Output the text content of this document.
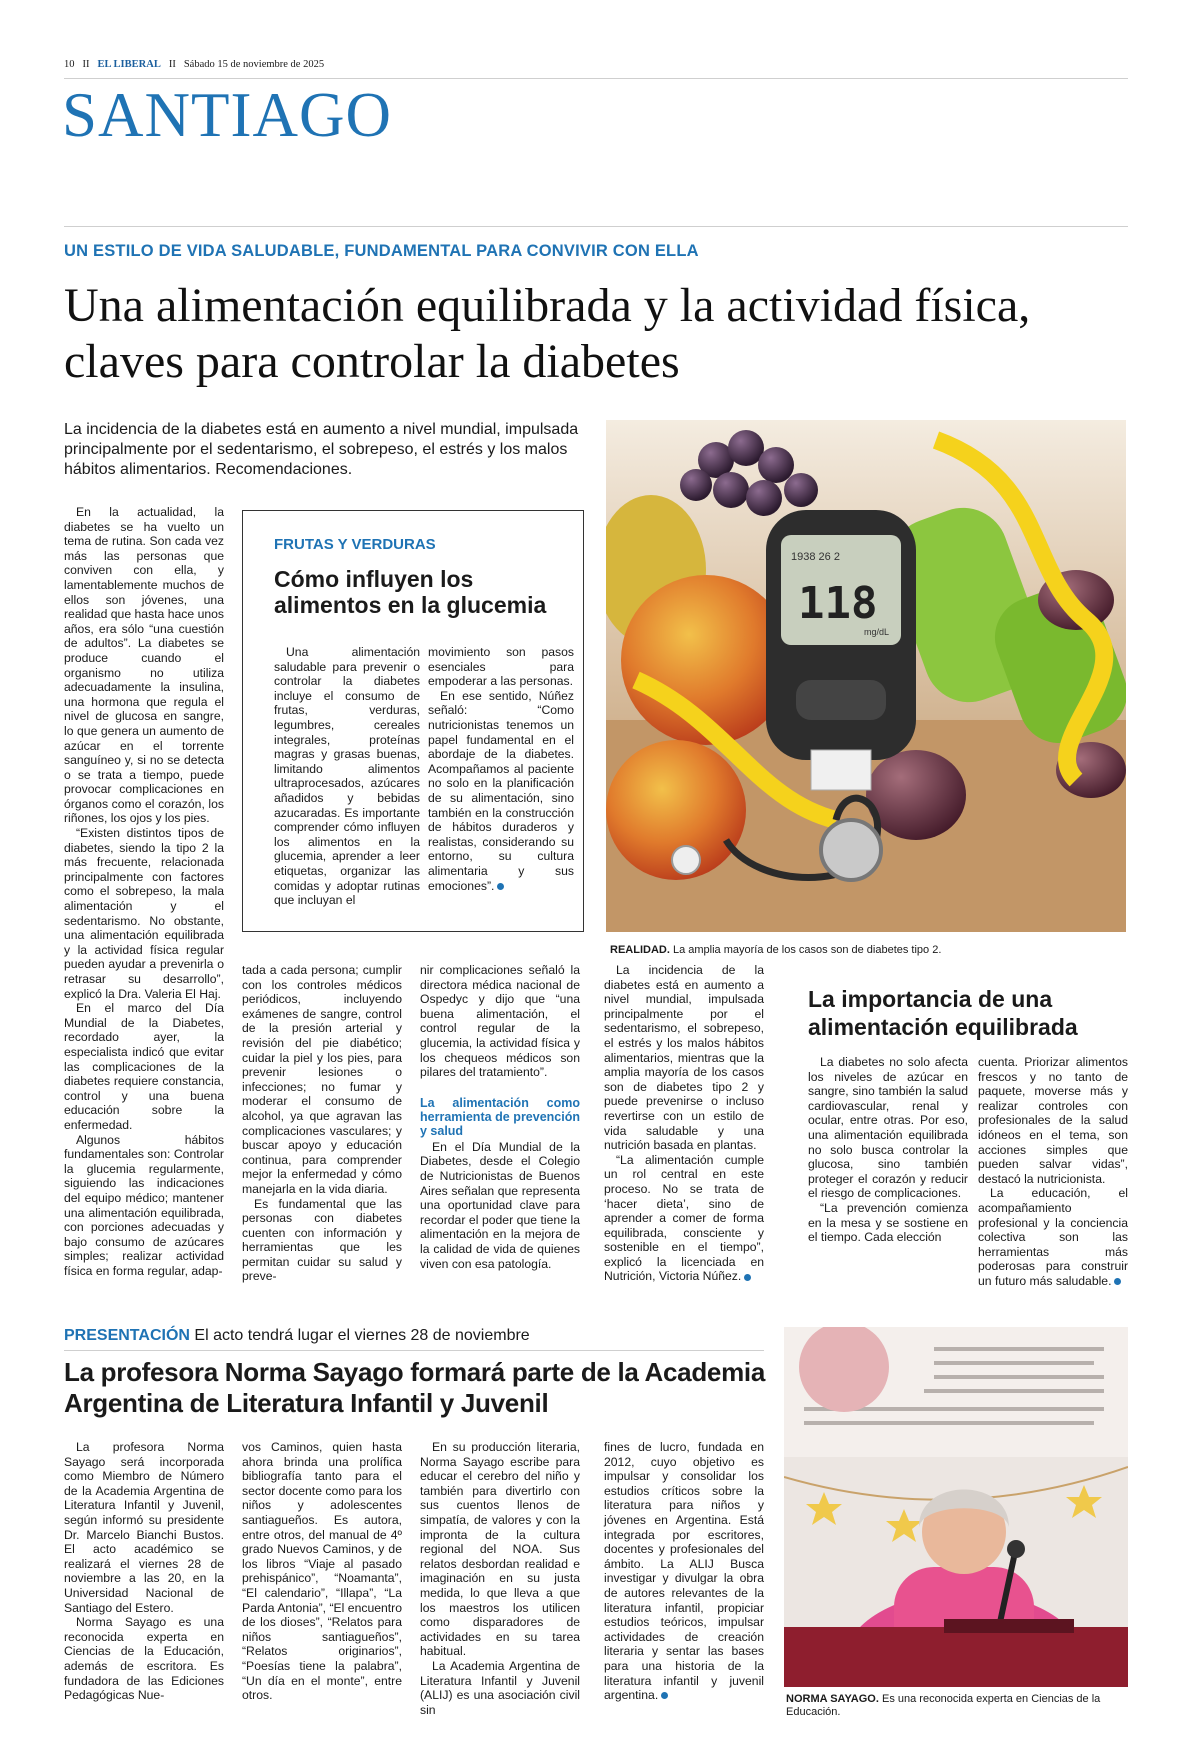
10 II EL LIBERAL II Sábado 15 de noviembre de 2025
SANTIAGO
UN ESTILO DE VIDA SALUDABLE, FUNDAMENTAL PARA CONVIVIR CON ELLA
Una alimentación equilibrada y la actividad física, claves para controlar la diabetes
La incidencia de la diabetes está en aumento a nivel mundial, impulsada principalmente por el sedentarismo, el sobrepeso, el estrés y los malos hábitos alimentarios. Recomendaciones.

En la actualidad, la diabetes se ha vuelto un tema de rutina. Son cada vez más las personas que conviven con ella, y lamentablemente muchos de ellos son jóvenes, una realidad que hasta hace unos años, era sólo “una cuestión de adultos”. La diabetes se produce cuando el organismo no utiliza adecuadamente la insulina, una hormona que regula el nivel de glucosa en sangre, lo que genera un aumento de azúcar en el torrente sanguíneo y, si no se detecta o se trata a tiempo, puede provocar complicaciones en órganos como el corazón, los riñones, los ojos y los pies.

“Existen distintos tipos de diabetes, siendo la tipo 2 la más frecuente, relacionada principalmente con factores como el sobrepeso, la mala alimentación y el sedentarismo. No obstante, una alimentación equilibrada y la actividad física regular pueden ayudar a prevenirla o retrasar su desarrollo”, explicó la Dra. Valeria El Haj.

En el marco del Día Mundial de la Diabetes, recordado ayer, la especialista indicó que evitar las complicaciones de la diabetes requiere constancia, control y una buena educación sobre la enfermedad.

Algunos hábitos fundamentales son: Controlar la glucemia regularmente, siguiendo las indicaciones del equipo médico; mantener una alimentación equilibrada, con porciones adecuadas y bajo consumo de azúcares simples; realizar actividad física en forma regular, adap-

FRUTAS Y VERDURAS
Cómo influyen los alimentos en la glucemia

Una alimentación saludable para prevenir o controlar la diabetes incluye el consumo de frutas, verduras, legumbres, cereales integrales, proteínas magras y grasas buenas, limitando alimentos ultraprocesados, azúcares añadidos y bebidas azucaradas. Es importante comprender cómo influyen los alimentos en la glucemia, aprender a leer etiquetas, organizar las comidas y adoptar rutinas que incluyan el

movimiento son pasos esenciales para empoderar a las personas.

En ese sentido, Núñez señaló: “Como nutricionistas tenemos un papel fundamental en el abordaje de la diabetes. Acompañamos al paciente no solo en la planificación de su alimentación, sino también en la construcción de hábitos duraderos y realistas, considerando su entorno, su cultura alimentaria y sus emociones”.

1938 26 2
118
mg/dL
REALIDAD. La amplia mayoría de los casos son de diabetes tipo 2.

tada a cada persona; cumplir con los controles médicos periódicos, incluyendo exámenes de sangre, control de la presión arterial y revisión del pie diabético; cuidar la piel y los pies, para prevenir lesiones o infecciones; no fumar y moderar el consumo de alcohol, ya que agravan las complicaciones vasculares; y buscar apoyo y educación continua, para comprender mejor la enfermedad y cómo manejarla en la vida diaria.

Es fundamental que las personas con diabetes cuenten con información y herramientas que les permitan cuidar su salud y preve-

nir complicaciones señaló la directora médica nacional de Ospedyc y dijo que “una buena alimentación, el control regular de la glucemia, la actividad física y los chequeos médicos son pilares del tratamiento”.

La alimentación como herramienta de prevención y salud

En el Día Mundial de la Diabetes, desde el Colegio de Nutricionistas de Buenos Aires señalan que representa una oportunidad clave para recordar el poder que tiene la alimentación en la mejora de la calidad de vida de quienes viven con esa patología.

La incidencia de la diabetes está en aumento a nivel mundial, impulsada principalmente por el sedentarismo, el sobrepeso, el estrés y los malos hábitos alimentarios, mientras que la amplia mayoría de los casos son de diabetes tipo 2 y puede prevenirse o incluso revertirse con un estilo de vida saludable y una nutrición basada en plantas.

“La alimentación cumple un rol central en este proceso. No se trata de ‘hacer dieta’, sino de aprender a comer de forma equilibrada, consciente y sostenible en el tiempo”, explicó la licenciada en Nutrición, Victoria Núñez.

La importancia de una alimentación equilibrada

La diabetes no solo afecta los niveles de azúcar en sangre, sino también la salud cardiovascular, renal y ocular, entre otras. Por eso, una alimentación equilibrada no solo busca controlar la glucosa, sino también proteger el corazón y reducir el riesgo de complicaciones.

“La prevención comienza en la mesa y se sostiene en el tiempo. Cada elección

cuenta. Priorizar alimentos frescos y no tanto de paquete, moverse más y realizar controles con profesionales de la salud idóneos en el tema, son acciones simples que pueden salvar vidas”, destacó la nutricionista.

La educación, el acompañamiento profesional y la conciencia colectiva son las herramientas más poderosas para construir un futuro más saludable.

PRESENTACIÓN El acto tendrá lugar el viernes 28 de noviembre
La profesora Norma Sayago formará parte de la Academia Argentina de Literatura Infantil y Juvenil

La profesora Norma Sayago será incorporada como Miembro de Número de la Academia Argentina de Literatura Infantil y Juvenil, según informó su presidente Dr. Marcelo Bianchi Bustos. El acto académico se realizará el viernes 28 de noviembre a las 20, en la Universidad Nacional de Santiago del Estero.

Norma Sayago es una reconocida experta en Ciencias de la Educación, además de escritora. Es fundadora de las Ediciones Pedagógicas Nue-

vos Caminos, quien hasta ahora brinda una prolífica bibliografía tanto para el sector docente como para los niños y adolescentes santiagueños. Es autora, entre otros, del manual de 4º grado Nuevos Caminos, y de los libros “Viaje al pasado prehispánico”, “Noamanta”, “El calendario”, “Illapa”, “La Parda Antonia”, “El encuentro de los dioses”, “Relatos para niños santiagueños”, “Relatos originarios”, “Poesías tiene la palabra”, “Un día en el monte”, entre otros.

En su producción literaria, Norma Sayago escribe para educar el cerebro del niño y también para divertirlo con sus cuentos llenos de simpatía, de valores y con la impronta de la cultura regional del NOA. Sus relatos desbordan realidad e imaginación en su justa medida, lo que lleva a que los maestros los utilicen como disparadores de actividades en su tarea habitual.

La Academia Argentina de Literatura Infantil y Juvenil (ALIJ) es una asociación civil sin

fines de lucro, fundada en 2012, cuyo objetivo es impulsar y consolidar los estudios críticos sobre la literatura para niños y jóvenes en Argentina. Está integrada por escritores, docentes y profesionales del ámbito. La ALIJ Busca investigar y divulgar la obra de autores relevantes de la literatura infantil, propiciar estudios teóricos, impulsar actividades de creación literaria y sentar las bases para una historia de la literatura infantil y juvenil argentina.	NORMA SAYAGO. Es una reconocida experta en Ciencias de la Educación.
